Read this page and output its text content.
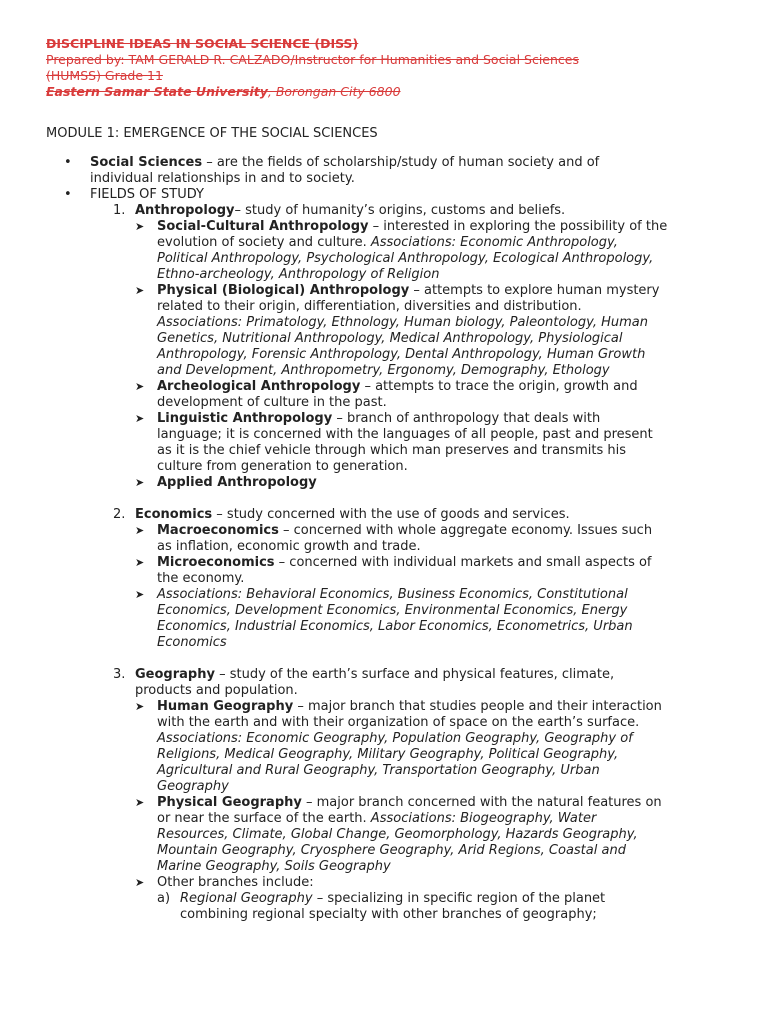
DISCIPLINE IDEAS IN SOCIAL SCIENCE (DISS)
Prepared by: TAM GERALD R. CALZADO/Instructor for Humanities and Social Sciences
(HUMSS) Grade 11
Eastern Samar State University, Borongan City 6800
MODULE 1: EMERGENCE OF THE SOCIAL SCIENCES
• Social Sciences – are the fields of scholarship/study of human society and of
individual relationships in and to society.
• FIELDS OF STUDY
1. Anthropology– study of humanity’s origins, customs and beliefs.
➤ Social-Cultural Anthropology – interested in exploring the possibility of the
evolution of society and culture. Associations: Economic Anthropology,
Political Anthropology, Psychological Anthropology, Ecological Anthropology,
Ethno-archeology, Anthropology of Religion
➤ Physical (Biological) Anthropology – attempts to explore human mystery
related to their origin, differentiation, diversities and distribution.
Associations: Primatology, Ethnology, Human biology, Paleontology, Human
Genetics, Nutritional Anthropology, Medical Anthropology, Physiological
Anthropology, Forensic Anthropology, Dental Anthropology, Human Growth
and Development, Anthropometry, Ergonomy, Demography, Ethology
➤ Archeological Anthropology – attempts to trace the origin, growth and
development of culture in the past.
➤ Linguistic Anthropology – branch of anthropology that deals with
language; it is concerned with the languages of all people, past and present
as it is the chief vehicle through which man preserves and transmits his
culture from generation to generation.
➤ Applied Anthropology
2. Economics – study concerned with the use of goods and services.
➤ Macroeconomics – concerned with whole aggregate economy. Issues such
as inflation, economic growth and trade.
➤ Microeconomics – concerned with individual markets and small aspects of
the economy.
➤ Associations: Behavioral Economics, Business Economics, Constitutional
Economics, Development Economics, Environmental Economics, Energy
Economics, Industrial Economics, Labor Economics, Econometrics, Urban
Economics
3. Geography – study of the earth’s surface and physical features, climate,
products and population.
➤ Human Geography – major branch that studies people and their interaction
with the earth and with their organization of space on the earth’s surface.
Associations: Economic Geography, Population Geography, Geography of
Religions, Medical Geography, Military Geography, Political Geography,
Agricultural and Rural Geography, Transportation Geography, Urban
Geography
➤ Physical Geography – major branch concerned with the natural features on
or near the surface of the earth. Associations: Biogeography, Water
Resources, Climate, Global Change, Geomorphology, Hazards Geography,
Mountain Geography, Cryosphere Geography, Arid Regions, Coastal and
Marine Geography, Soils Geography
➤ Other branches include:
a) Regional Geography – specializing in specific region of the planet
combining regional specialty with other branches of geography;
